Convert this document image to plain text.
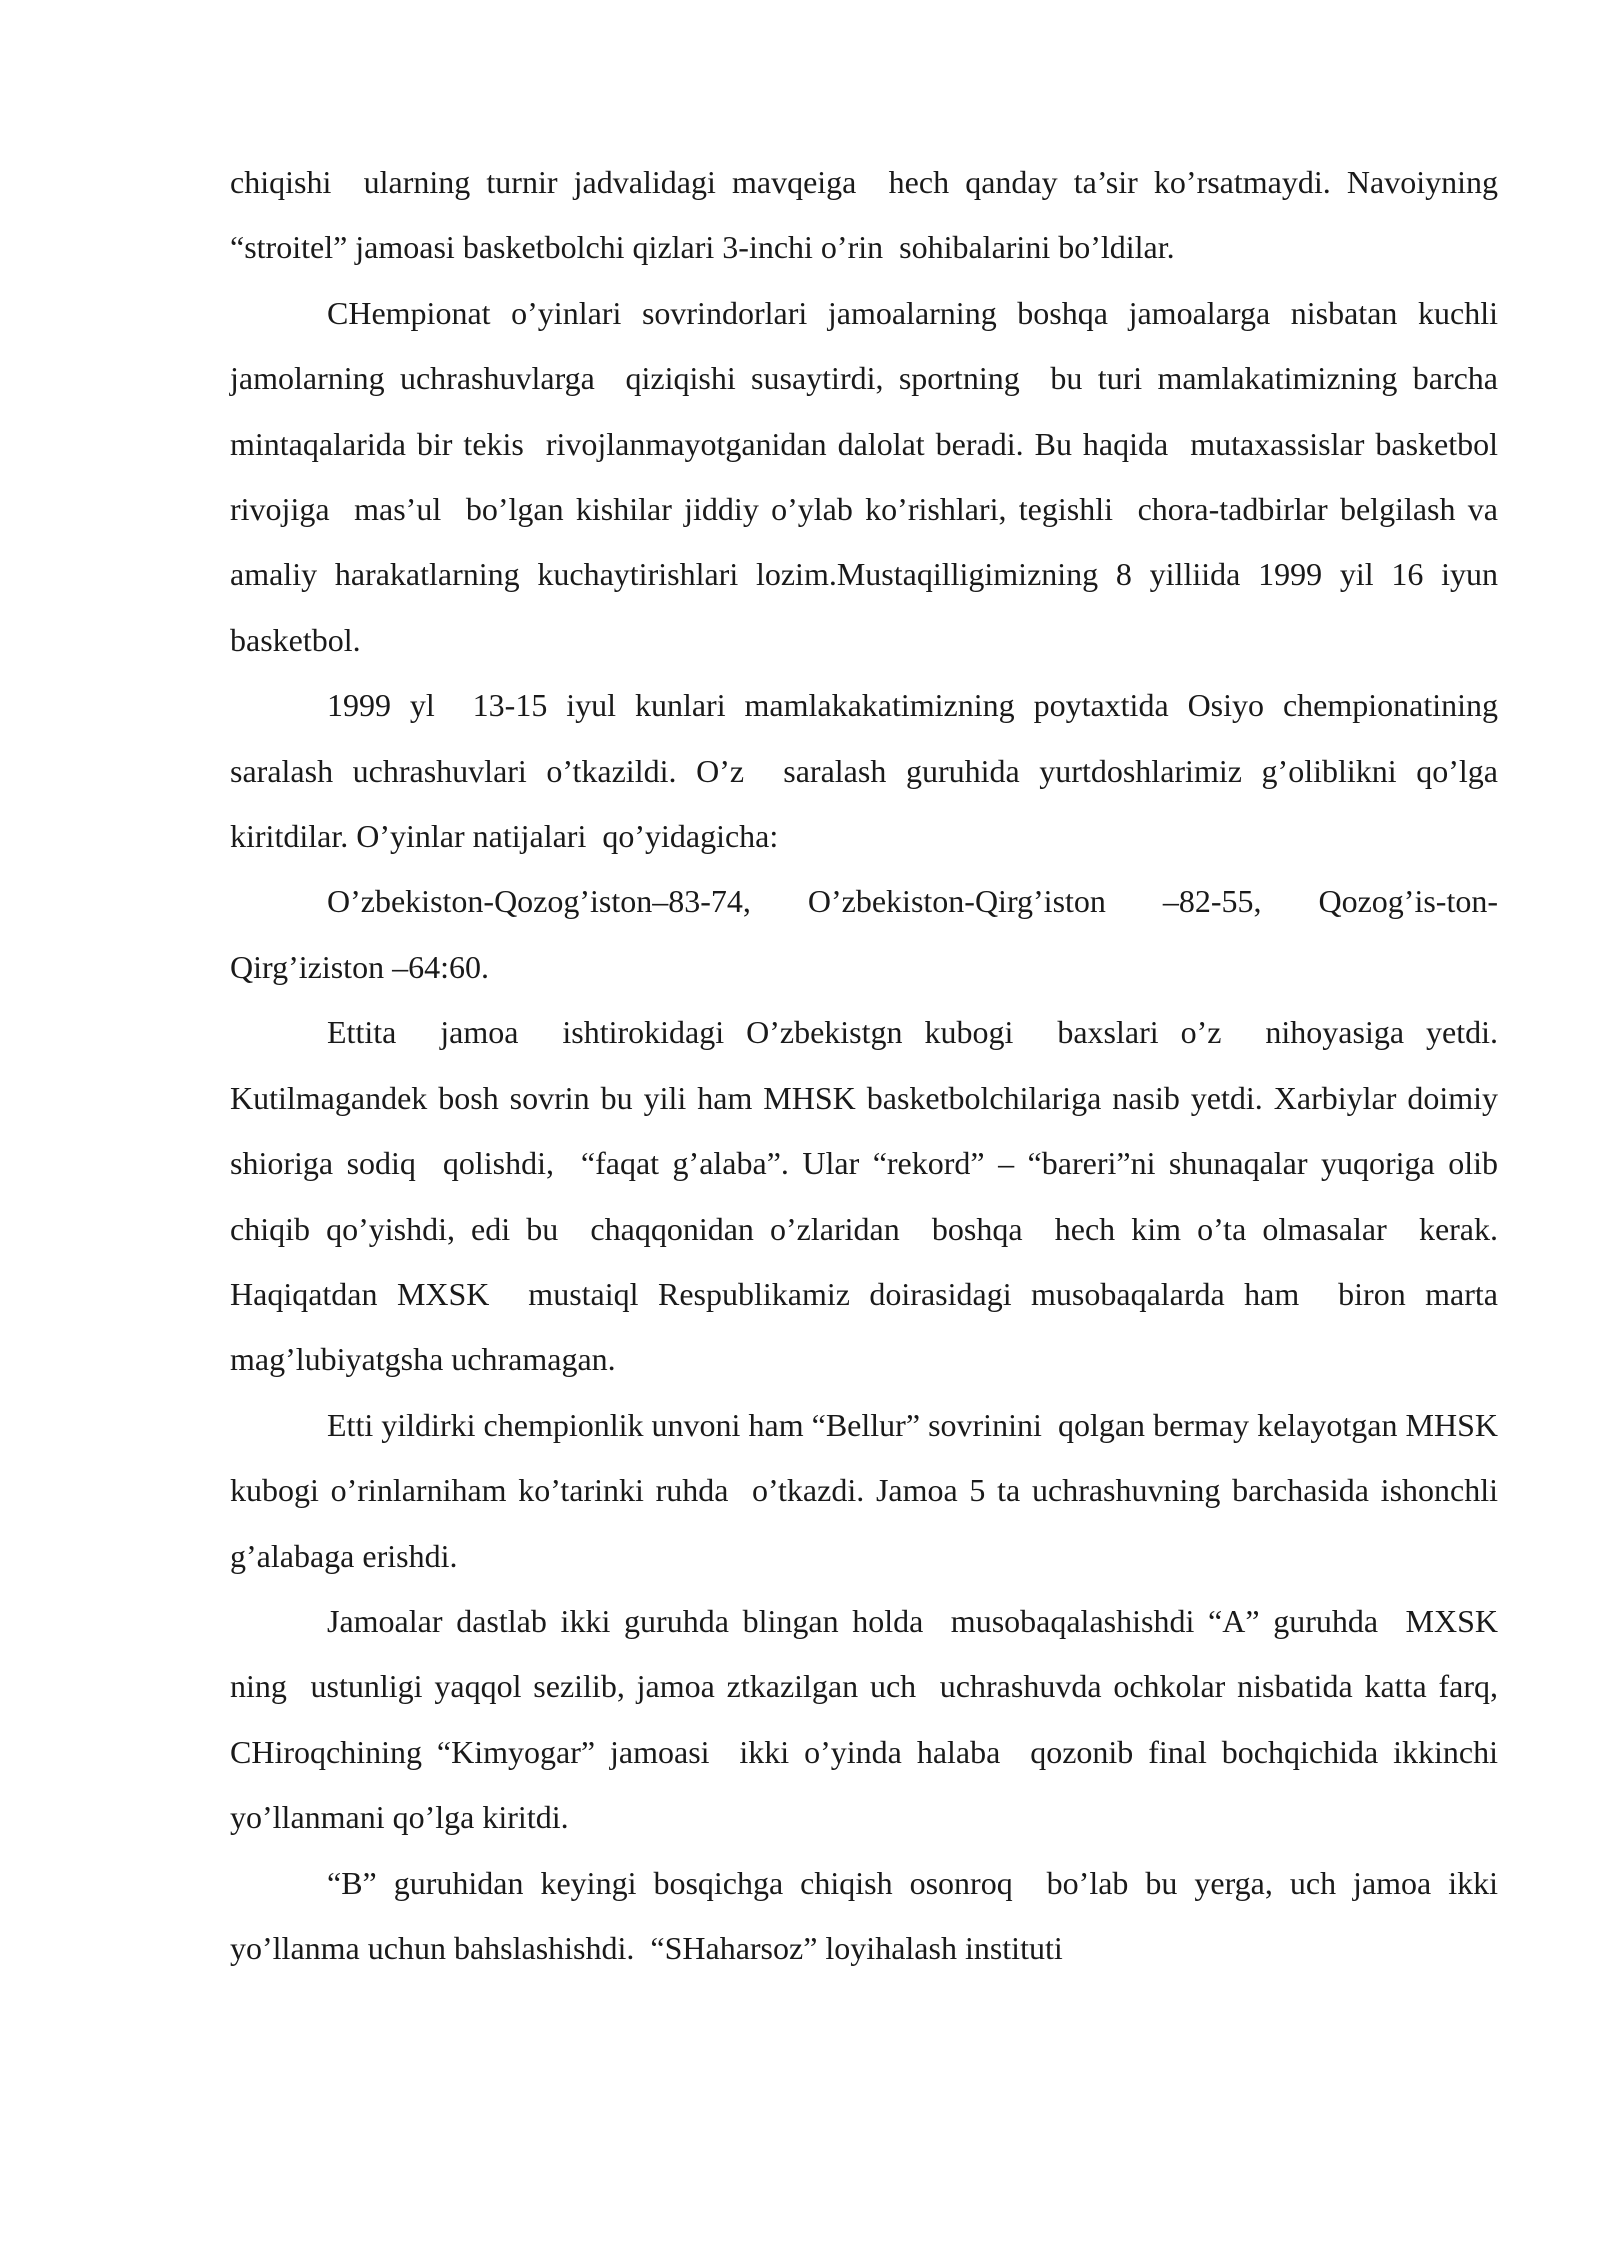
chiqishi  ularning turnir jadvalidagi mavqeiga  hech qanday ta’sir ko’rsatmaydi. Navoiyning “stroitel” jamoasi basketbolchi qizlari 3-inchi o’rin  sohibalarini bo’ldilar.

CHempionat o’yinlari sovrindorlari jamoalarning boshqa jamoalarga nisbatan kuchli  jamolarning uchrashuvlarga  qiziqishi susaytirdi, sportning  bu turi mamlakatimizning barcha mintaqalarida bir tekis  rivojlanmayotganidan dalolat beradi. Bu haqida  mutaxassislar basketbol rivojiga  mas’ul  bo’lgan kishilar jiddiy o’ylab ko’rishlari, tegishli  chora-tadbirlar belgilash va amaliy harakatlarning kuchaytirishlari lozim.Mustaqilligimizning 8 yilliida 1999 yil 16 iyun basketbol.

1999 yl  13-15 iyul kunlari mamlakakatimizning poytaxtida Osiyo chempionatining saralash uchrashuvlari o’tkazildi. O’z  saralash guruhida yurtdoshlarimiz g’oliblikni qo’lga  kiritdilar. O’yinlar natijalari  qo’yidagicha:

O’zbekiston-Qozog’iston–83-74, O’zbekiston-Qirg’iston –82-55, Qozog’is-ton-Qirg’iziston –64:60.

Ettita  jamoa  ishtirokidagi O’zbekistgn kubogi  baxslari o’z  nihoyasiga yetdi.  Kutilmagandek bosh sovrin bu yili ham MHSK basketbolchilariga nasib yetdi. Xarbiylar doimiy shioriga sodiq  qolishdi,  “faqat g’alaba”. Ular “rekord” – “bareri”ni shunaqalar yuqoriga olib chiqib qo’yishdi, edi bu  chaqqonidan o’zlaridan  boshqa  hech kim o’ta olmasalar  kerak. Haqiqatdan MXSK  mustaiql Respublikamiz doirasidagi musobaqalarda ham  biron marta mag’lubiyatgsha uchramagan.

Etti yildirki chempionlik unvoni ham “Bellur” sovrinini  qolgan bermay kelayotgan MHSK  kubogi o’rinlarniham ko’tarinki ruhda  o’tkazdi. Jamoa 5 ta uchrashuvning barchasida ishonchli  g’alabaga erishdi.

Jamoalar dastlab ikki guruhda blingan holda  musobaqalashishdi “A” guruhda  MXSK ning  ustunligi yaqqol sezilib, jamoa ztkazilgan uch  uchrashuvda ochkolar nisbatida katta farq, CHiroqchining “Kimyogar” jamoasi  ikki o’yinda halaba  qozonib final bochqichida ikkinchi  yo’llanmani qo’lga kiritdi.

“B” guruhidan keyingi bosqichga chiqish osonroq  bo’lab bu yerga, uch jamoa ikki yo’llanma uchun bahslashishdi.  “SHaharsoz” loyihalash instituti
